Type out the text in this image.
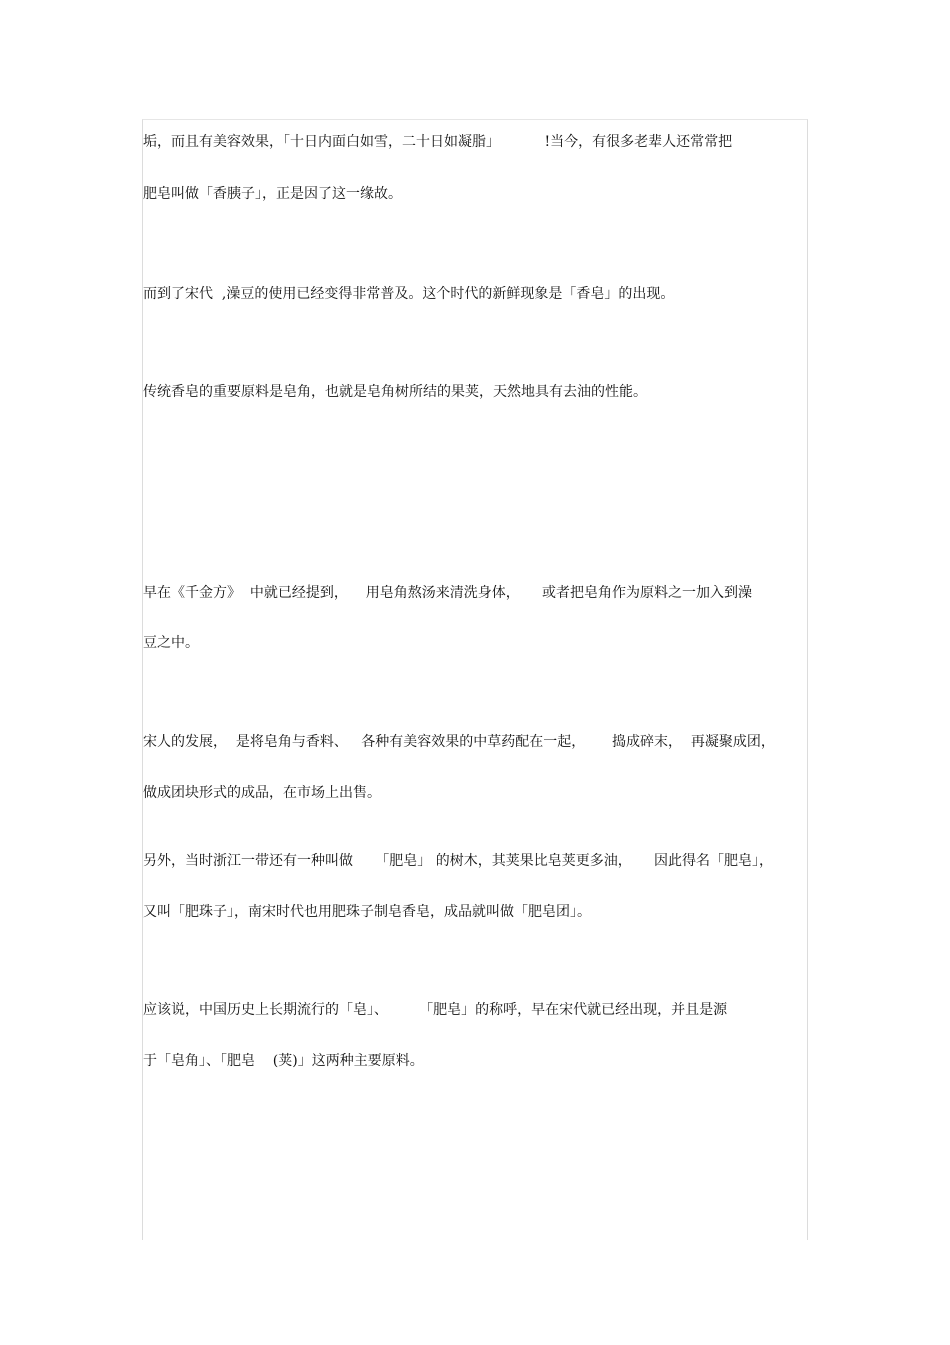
垢，而且有美容效果，「十日内面白如雪，二十日如凝脂」          !当今，有很多老辈人还常常把
肥皂叫做「香胰子」，正是因了这一缘故。
而到了宋代  ,澡豆的使用已经变得非常普及。这个时代的新鲜现象是「香皂」的出现。
传统香皂的重要原料是皂角，也就是皂角树所结的果荚，天然地具有去油的性能。
早在《千金方》  中就已经提到，    用皂角熬汤来清洗身体，     或者把皂角作为原料之一加入到澡
豆之中。
宋人的发展，  是将皂角与香料、   各种有美容效果的中草药配在一起，      捣成碎末，  再凝聚成团，
做成团块形式的成品，在市场上出售。
另外，当时浙江一带还有一种叫做     「肥皂」 的树木，其荚果比皂荚更多油，     因此得名「肥皂」，
又叫「肥珠子」，南宋时代也用肥珠子制皂香皂，成品就叫做「肥皂团」。
应该说，中国历史上长期流行的「皂」、       「肥皂」的称呼，早在宋代就已经出现，并且是源
于「皂角」、「肥皂    (荚)」这两种主要原料。
